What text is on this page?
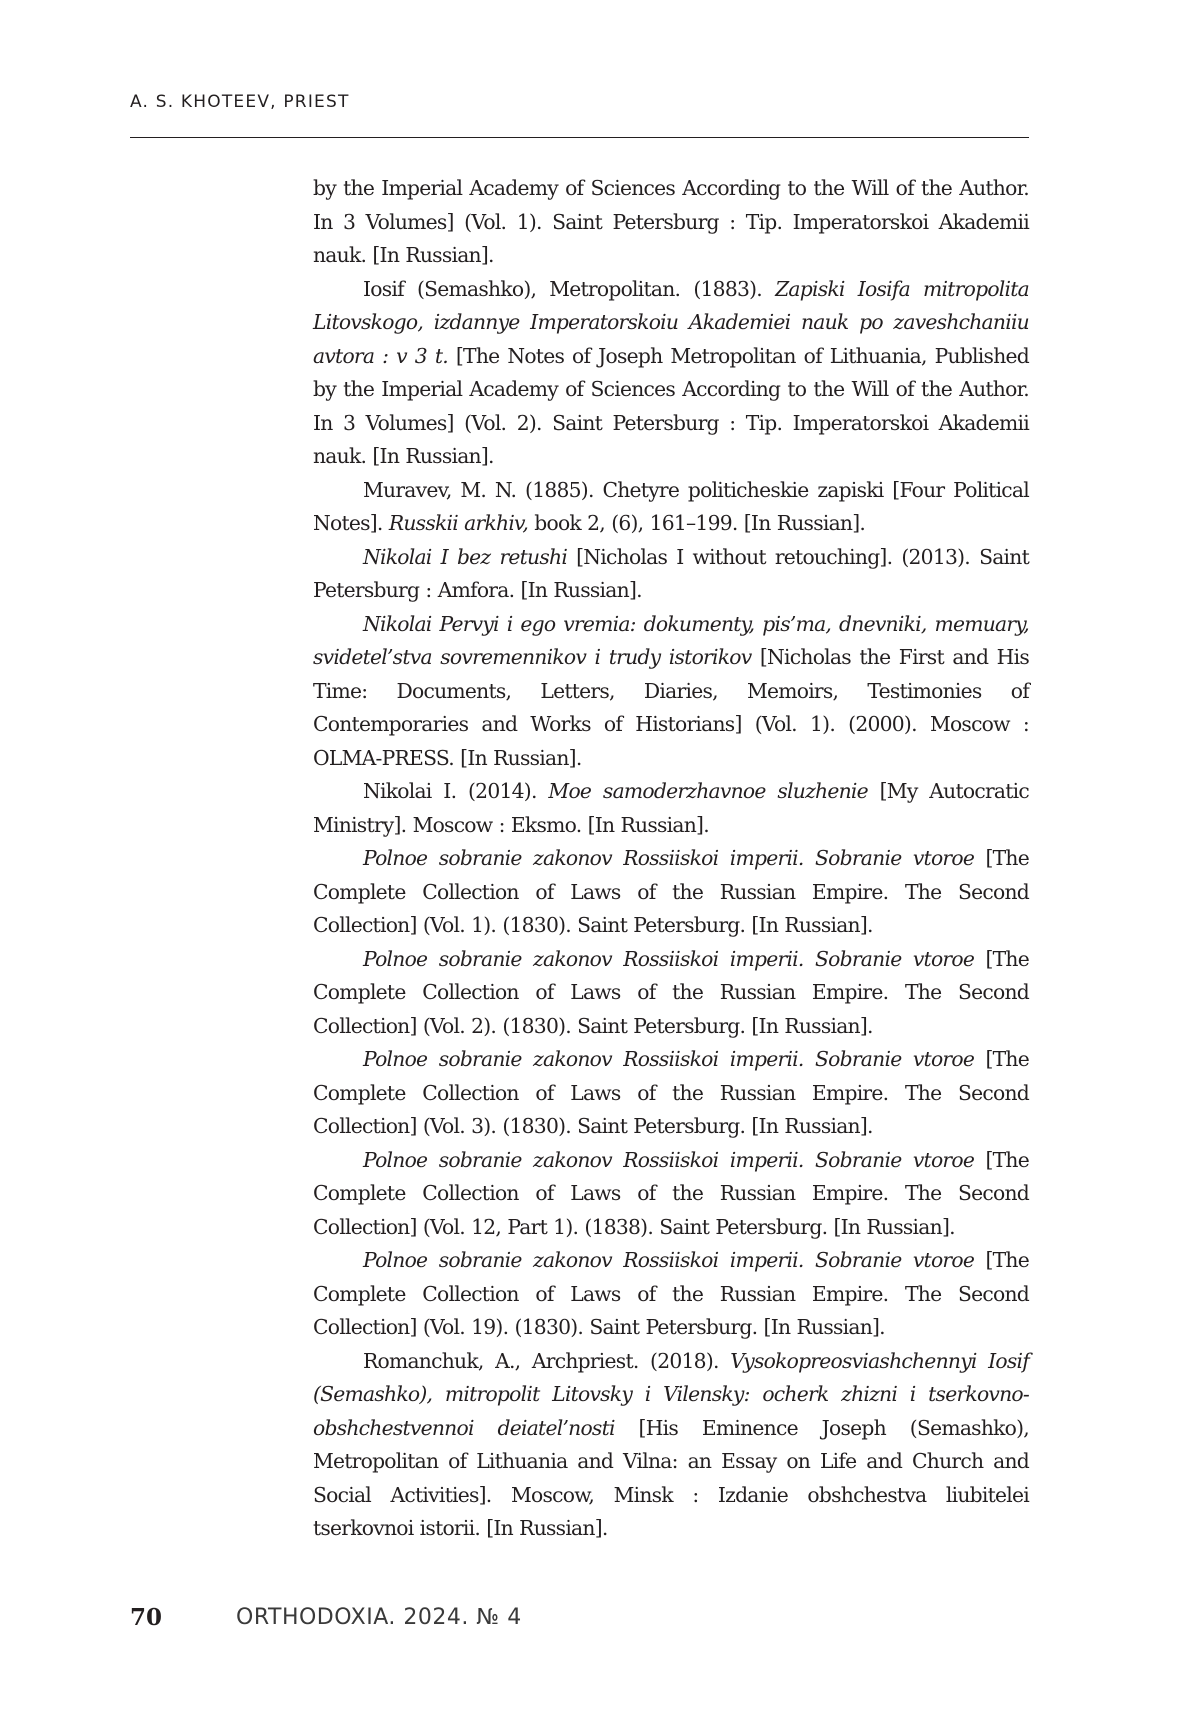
A. S. KHOTEEV, PRIEST

by the Imperial Academy of Sciences According to the Will of the Author. In 3 Volumes] (Vol. 1). Saint Petersburg : Tip. Imperatorskoi Akademii nauk. [In Russian].

Iosif (Semashko), Metropolitan. (1883). Zapiski Iosifa mitropolita Litovskogo, izdannye Imperatorskoiu Akademiei nauk po zaveshchaniiu avtora : v 3 t. [The Notes of Joseph Metropolitan of Lithuania, Published by the Imperial Academy of Sciences According to the Will of the Author. In 3 Volumes] (Vol. 2). Saint Petersburg : Tip. Imperatorskoi Akademii nauk. [In Russian].

Muravev, M. N. (1885). Chetyre politicheskie zapiski [Four Political Notes]. Russkii arkhiv, book 2, (6), 161–199. [In Russian].

Nikolai I bez retushi [Nicholas I without retouching]. (2013). Saint Petersburg : Amfora. [In Russian].

Nikolai Pervyi i ego vremia: dokumenty, pis’ma, dnevniki, memuary, svidetel’stva sovremennikov i trudy istorikov [Nicholas the First and His Time: Documents, Letters, Diaries, Memoirs, Testimonies of Contemporaries and Works of Historians] (Vol. 1). (2000). Moscow : OLMA-PRESS. [In Russian].

Nikolai I. (2014). Moe samoderzhavnoe sluzhenie [My Autocratic Ministry]. Moscow : Eksmo. [In Russian].

Polnoe sobranie zakonov Rossiiskoi imperii. Sobranie vtoroe [The Complete Collection of Laws of the Russian Empire. The Second Collection] (Vol. 1). (1830). Saint Petersburg. [In Russian].

Polnoe sobranie zakonov Rossiiskoi imperii. Sobranie vtoroe [The Complete Collection of Laws of the Russian Empire. The Second Collection] (Vol. 2). (1830). Saint Petersburg. [In Russian].

Polnoe sobranie zakonov Rossiiskoi imperii. Sobranie vtoroe [The Complete Collection of Laws of the Russian Empire. The Second Collection] (Vol. 3). (1830). Saint Petersburg. [In Russian].

Polnoe sobranie zakonov Rossiiskoi imperii. Sobranie vtoroe [The Complete Collection of Laws of the Russian Empire. The Second Collection] (Vol. 12, Part 1). (1838). Saint Petersburg. [In Russian].

Polnoe sobranie zakonov Rossiiskoi imperii. Sobranie vtoroe [The Complete Collection of Laws of the Russian Empire. The Second Collection] (Vol. 19). (1830). Saint Petersburg. [In Russian].

Romanchuk, A., Archpriest. (2018). Vysokopreosviashchennyi Iosif (Semashko), mitropolit Litovsky i Vilensky: ocherk zhizni i tserkovno-obshchestvennoi deiatel’nosti [His Eminence Joseph (Semashko), Metropolitan of Lithuania and Vilna: an Essay on Life and Church and Social Activities]. Moscow, Minsk : Izdanie obshchestva liubitelei tserkovnoi istorii. [In Russian].

70	ORTHODOXIA. 2024. № 4
